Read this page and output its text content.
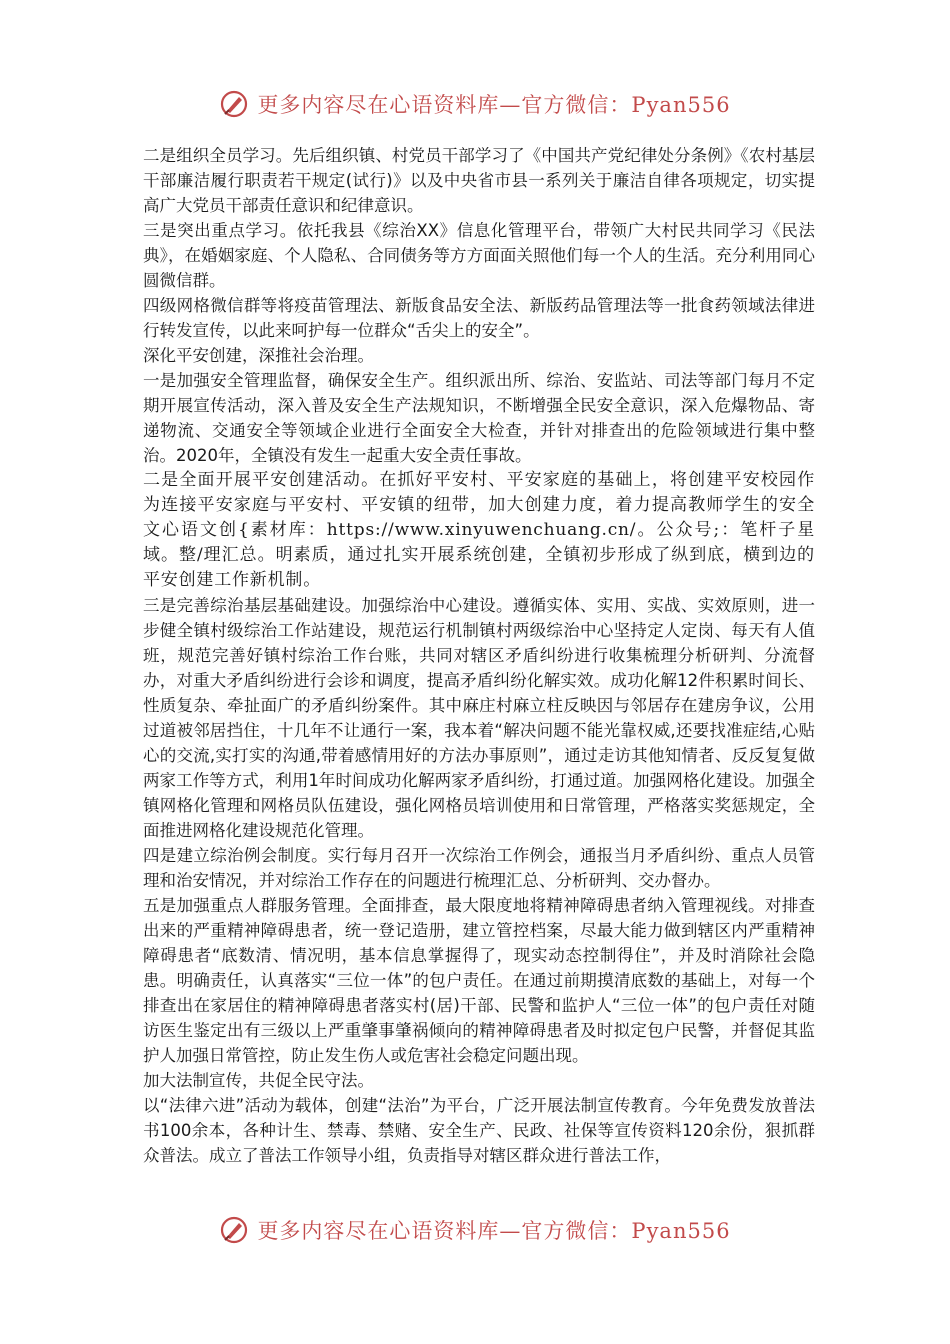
更多内容尽在心语资料库—官方微信：Pyan556

二是组织全员学习。先后组织镇、村党员干部学习了《中国共产党纪律处分条例》《农村基层干部廉洁履行职责若干规定(试行)》以及中央省市县一系列关于廉洁自律各项规定，切实提高广大党员干部责任意识和纪律意识。

三是突出重点学习。依托我县《综治XX》信息化管理平台，带领广大村民共同学习《民法典》，在婚姻家庭、个人隐私、合同债务等方方面面关照他们每一个人的生活。充分利用同心圆微信群。

四级网格微信群等将疫苗管理法、新版食品安全法、新版药品管理法等一批食药领域法律进行转发宣传，以此来呵护每一位群众“舌尖上的安全”。

深化平安创建，深推社会治理。

一是加强安全管理监督，确保安全生产。组织派出所、综治、安监站、司法等部门每月不定期开展宣传活动，深入普及安全生产法规知识，不断增强全民安全意识，深入危爆物品、寄递物流、交通安全等领域企业进行全面安全大检查，并针对排查出的危险领域进行集中整治。2020年，全镇没有发生一起重大安全责任事故。

二是全面开展平安创建活动。在抓好平安村、平安家庭的基础上，将创建平安校园作为连接平安家庭与平安村、平安镇的纽带，加大创建力度，着力提高教师学生的安全文心语文创{素材库：https://www.xinyuwenchuang.cn/。公众号;：笔杆子星域。整/理汇总。明素质，通过扎实开展系统创建，全镇初步形成了纵到底，横到边的平安创建工作新机制。

三是完善综治基层基础建设。加强综治中心建设。遵循实体、实用、实战、实效原则，进一步健全镇村级综治工作站建设，规范运行机制镇村两级综治中心坚持定人定岗、每天有人值班，规范完善好镇村综治工作台账，共同对辖区矛盾纠纷进行收集梳理分析研判、分流督办，对重大矛盾纠纷进行会诊和调度，提高矛盾纠纷化解实效。成功化解12件积累时间长、性质复杂、牵扯面广的矛盾纠纷案件。其中麻庄村麻立柱反映因与邻居存在建房争议，公用过道被邻居挡住，十几年不让通行一案，我本着“解决问题不能光靠权威,还要找准症结,心贴心的交流,实打实的沟通,带着感情用好的方法办事原则”，通过走访其他知情者、反反复复做两家工作等方式，利用1年时间成功化解两家矛盾纠纷，打通过道。加强网格化建设。加强全镇网格化管理和网格员队伍建设，强化网格员培训使用和日常管理，严格落实奖惩规定，全面推进网格化建设规范化管理。

四是建立综治例会制度。实行每月召开一次综治工作例会，通报当月矛盾纠纷、重点人员管理和治安情况，并对综治工作存在的问题进行梳理汇总、分析研判、交办督办。

五是加强重点人群服务管理。全面排查，最大限度地将精神障碍患者纳入管理视线。对排查出来的严重精神障碍患者，统一登记造册，建立管控档案，尽最大能力做到辖区内严重精神障碍患者“底数清、情况明，基本信息掌握得了，现实动态控制得住”，并及时消除社会隐患。明确责任，认真落实“三位一体”的包户责任。在通过前期摸清底数的基础上，对每一个排查出在家居住的精神障碍患者落实村(居)干部、民警和监护人“三位一体”的包户责任对随访医生鉴定出有三级以上严重肇事肇祸倾向的精神障碍患者及时拟定包户民警，并督促其监护人加强日常管控，防止发生伤人或危害社会稳定问题出现。

加大法制宣传，共促全民守法。

以“法律六进”活动为载体，创建“法治”为平台，广泛开展法制宣传教育。今年免费发放普法书100余本，各种计生、禁毒、禁赌、安全生产、民政、社保等宣传资料120余份，狠抓群众普法。成立了普法工作领导小组，负责指导对辖区群众进行普法工作，

更多内容尽在心语资料库—官方微信：Pyan556
